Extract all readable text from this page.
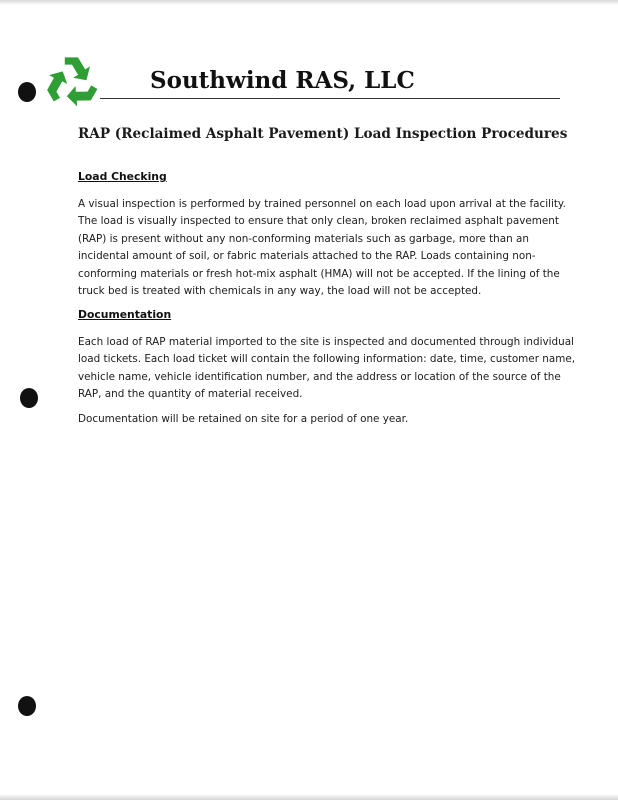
Southwind RAS, LLC
RAP (Reclaimed Asphalt Pavement) Load Inspection Procedures
Load Checking

A visual inspection is performed by trained personnel on each load upon arrival at the facility.
The load is visually inspected to ensure that only clean, broken reclaimed asphalt pavement
(RAP) is present without any non-conforming materials such as garbage, more than an
incidental amount of soil, or fabric materials attached to the RAP. Loads containing non-
conforming materials or fresh hot-mix asphalt (HMA) will not be accepted. If the lining of the
truck bed is treated with chemicals in any way, the load will not be accepted.

Documentation

Each load of RAP material imported to the site is inspected and documented through individual
load tickets. Each load ticket will contain the following information: date, time, customer name,
vehicle name, vehicle identification number, and the address or location of the source of the
RAP, and the quantity of material received.

Documentation will be retained on site for a period of one year.
